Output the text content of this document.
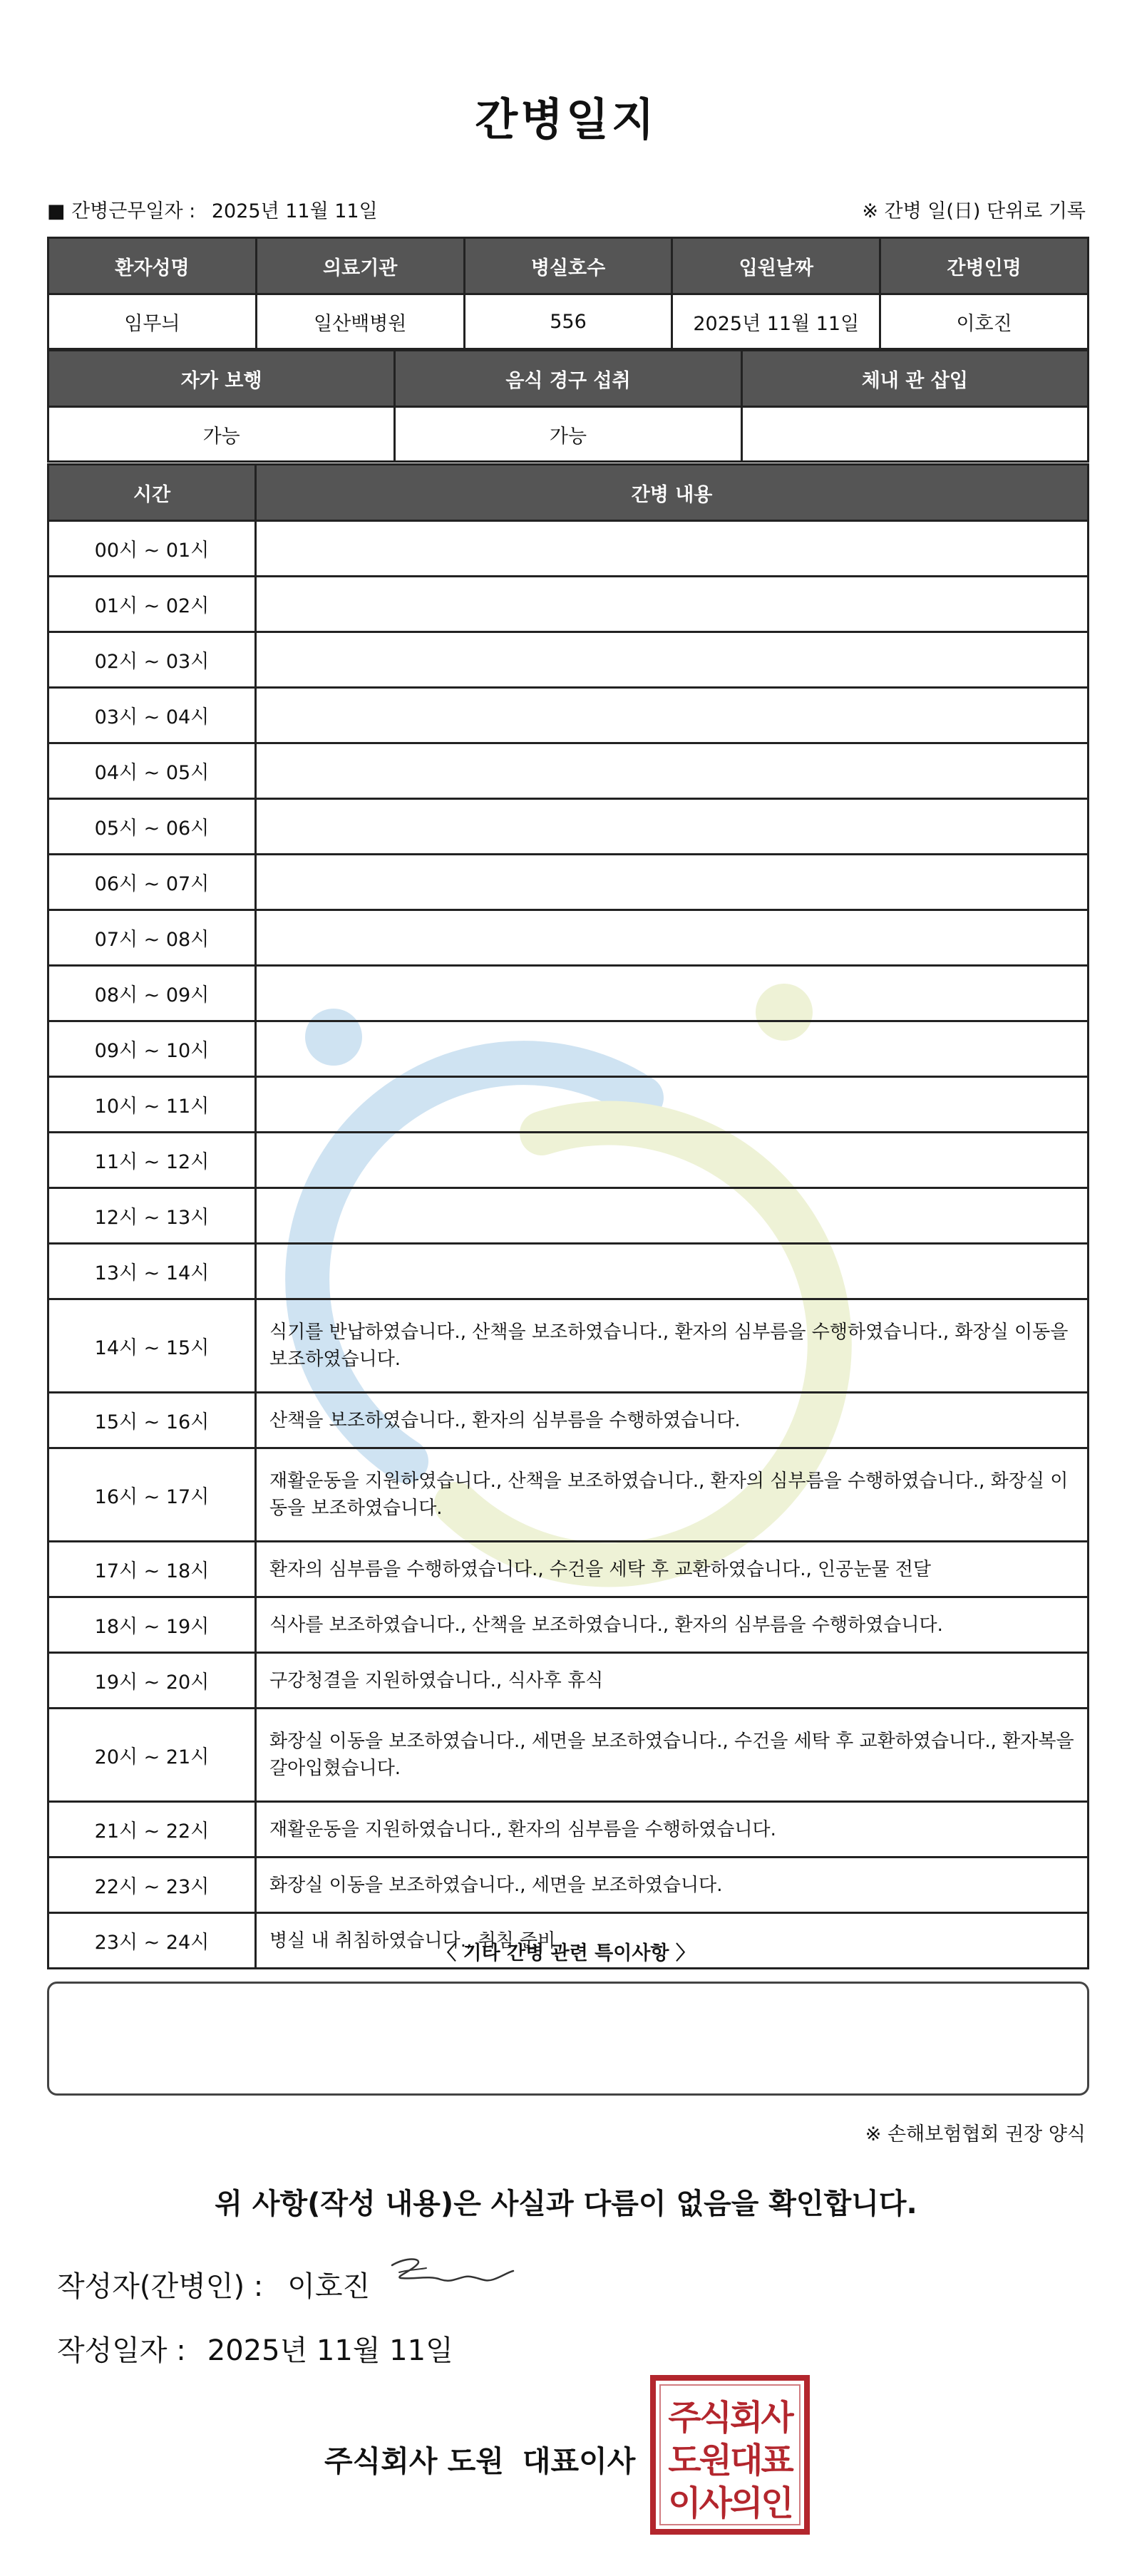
간병일지
■ 간병근무일자 : 2025년 11월 11일	※ 간병 일(日) 단위로 기록
환자성명	의료기관	병실호수	입원날짜	간병인명
임무늬	일산백병원	556	2025년 11월 11일	이호진
자가 보행	음식 경구 섭취	체내 관 삽입
가능	가능	
시간	간병 내용
00시 ~ 01시	
01시 ~ 02시	
02시 ~ 03시	
03시 ~ 04시	
04시 ~ 05시	
05시 ~ 06시	
06시 ~ 07시	
07시 ~ 08시	
08시 ~ 09시	
09시 ~ 10시	
10시 ~ 11시	
11시 ~ 12시	
12시 ~ 13시	
13시 ~ 14시	
14시 ~ 15시	식기를 반납하였습니다., 산책을 보조하였습니다., 환자의 심부름을 수행하였습니다., 화장실 이동을 보조하였습니다.
15시 ~ 16시	산책을 보조하였습니다., 환자의 심부름을 수행하였습니다.
16시 ~ 17시	재활운동을 지원하였습니다., 산책을 보조하였습니다., 환자의 심부름을 수행하였습니다., 화장실 이동을 보조하였습니다.
17시 ~ 18시	환자의 심부름을 수행하였습니다., 수건을 세탁 후 교환하였습니다., 인공눈물 전달
18시 ~ 19시	식사를 보조하였습니다., 산책을 보조하였습니다., 환자의 심부름을 수행하였습니다.
19시 ~ 20시	구강청결을 지원하였습니다., 식사후 휴식
20시 ~ 21시	화장실 이동을 보조하였습니다., 세면을 보조하였습니다., 수건을 세탁 후 교환하였습니다., 환자복을 갈아입혔습니다.
21시 ~ 22시	재활운동을 지원하였습니다., 환자의 심부름을 수행하였습니다.
22시 ~ 23시	화장실 이동을 보조하였습니다., 세면을 보조하였습니다.
23시 ~ 24시	병실 내 취침하였습니다., 취침 준비
〈 기타 간병 관련 특이사항 〉
※ 손해보험협회 권장 양식
위 사항(작성 내용)은 사실과 다름이 없음을 확인합니다.
작성자(간병인) : 이호진
작성일자 : 2025년 11월 11일
주식회사 도원 대표이사
주식회사
도원대표
이사의인
